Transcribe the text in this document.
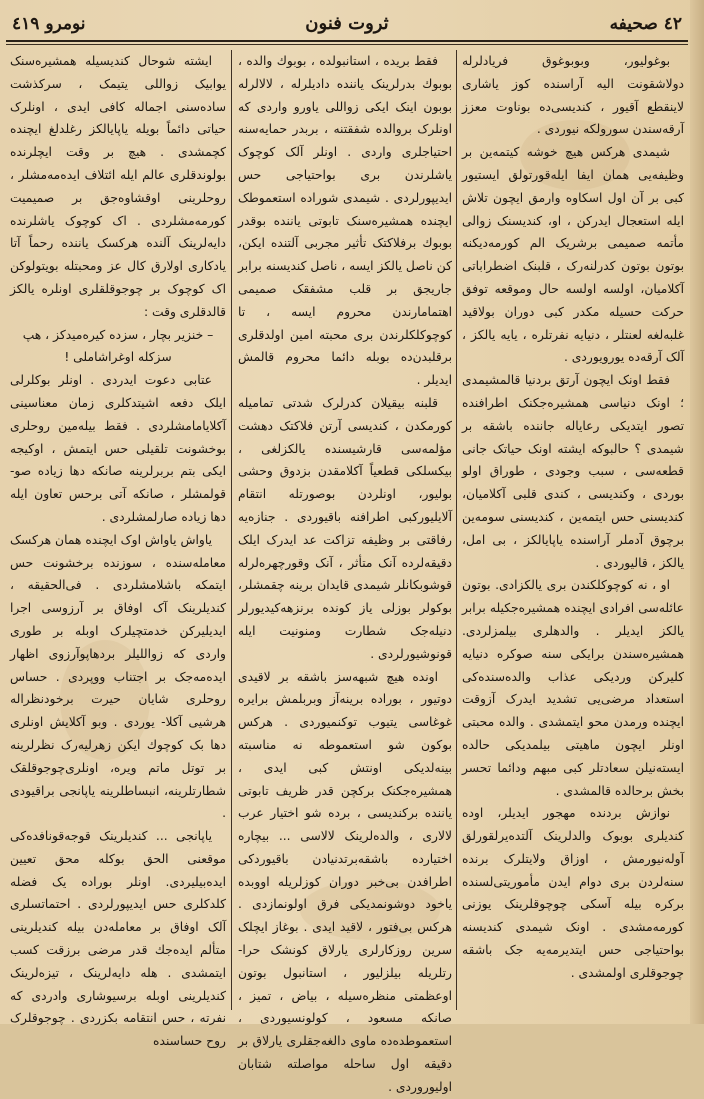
٤٢ صحيفه
ثروت فنون
نومرو ٤١٩

بوغولیور، وبوبوغوق فریادلرله دولاشقونت الیه آراسنده کوز یاشاری لاینقطع آقیور ، کندیسی‌ده بوناوت معزز آرقه‌سندن سورولکه نیوردی .

شیمدی هرکس هیچ خوشه کیتمه‌ین بر وظیفه‌یی همان ایفا ایله‌قورتولق ایستیور کبی بر آن اول اسکاوه وارمق ایچون تلاش ایله استعجال ایدرکن ، او، کندیسنک زوالی مأتمه صمیمی برشریک الم کورمه‌دیکنه بوتون بوتون کدرلنه‌رک ، قلبنک اضطراباتی آکلامیان، اولسه اولسه حال وموقعه توفق حرکت حسیله مکدر کبی دوران بولاقید غلبه‌لغه لعنتلر ، دنیایه نفرتلره ، یایه یالکز ، آلک آرقه‌ده یورویوردی .

فقط اونک ایچون آرتق بردنیا قالمشیمدی ؛ اونک دنیاسی همشیره‌جکنک اطرافنده تصور ایتدیکی رعایاله جاننده باشقه بر شیمدی ؟ حالبوکه ایشته اونک حیاتک جانی قطعه‌سی ، سبب وجودی ، طوراق اولو بوردی ، وکندیسی ، کندی قلبی آکلامیان، کندیسنی حس ایتمه‌ین ، کندیسنی سومه‌ین برچوق آدملر آراسنده یاپایالکز ، بی امل، یالکز ، قالیوردی .

او ، نه کوچوکلکندن بری یالکزادی. بوتون عائله‌سی افرادی ایچنده همشیره‌جکیله برابر یالکز ایدیلر . والدهلری بیلمزلردی. همشیره‌سندن برایکی سنه صوکره دنیایه کلیرکن وردیکی عذاب والده‌سنده‌کی استعداد مرضی‌یی تشدید ایدرک آزوقت ایچنده ورمدن محو ایتمشدی . والده محبتی اونلر ایچون ماهیتی بیلمدیکی حالده ایسته‌نیلن سعادتلر کبی مبهم ودائما تحسر بخش برحالده قالمشدی .

نوازش بردنده مهجور ایدیلر، اوده کندیلری بوبوک والدلرینک آلتده‌یرلقورلق آوله‌نیورمش ، اوزاق ولایتلرک برنده سنه‌لردن بری دوام ایدن مأموریتی‌لسنده برکره بیله آسکی چوچوقلرینک یوزنی کورمه‌مشدی . اونک شیمدی کندیسنه بواحتیاجی حس ایتدیرمه‌یه جک باشقه چوجوقلری اولمشدی .

فقط بریده ، استانبولده ، بوبوك والده ، بوبوك بدرلرینک یاننده دادیلرله ، لالالرله بوبون اینک ایکی زواللی یاورو واردی که اونلرک بروالده شفقتنه ، بربدر حمایه‌سنه احتیاجلری واردی . اونلر آلک کوچوک یاشلرندن بری بواحتیاجی حس ایدیپورلردی . شیمدی شوراده استعموطک ایچنده همشیره‌سنک تابوتی یاننده بوقدر بوبوك برفلاکتک تأثیر مجربی آلتنده ایکن، کن ناصل یالکز ایسه ، ناصل کندیسنه برابر جاریجق بر قلب مشفقک صمیمی اهتمامارندن محروم ایسه ، تا کوچوکلکلرندن بری محبته امین اولدقلری برقلبدن‌ده بوبله دائما محروم قالمش ایدیلر .

قلبنه بیقیلان کدرلرک شدتی تمامیله کورمکدن ، کندیسی آرتن فلاکتک دهشت مؤلمه‌سی قارشیسنده یالکزلغی ، بیکسلکی قطعیاً آکلامقدن بزدوق وحشی بولیور، اونلردن بوصورتله انتقام آلایلیورکبی اطرافنه باقیوردی . جنازه‌یه رفاقتی بر وظیفه تزاکت عد ایدرک ایلک دقیقه‌لرده آنک متأثر ، آنک وقورچهره‌لرله قوشوبکانلر شیمدی قایدان برینه چقمشلر، بوکولر بوزلی یاز کونده برنزهه‌کیدیورلر دنیله‌جک شطارت ومنونیت ایله قونوشیورلردی .

اونده هیچ شبهه‌سز باشقه بر لاقیدی دوتیور ، بوراده برینه‌آز وبربلمش برایره غوغاسی یتیوب توکنمیوردی . هرکس بوکون شو استعموطه نه مناسبته بینه‌لدیکی اونتش کبی ایدی ، همشیره‌جکنک برکچن قدر ظریف تابوتی یاننده برکندیسی ، برده شو اختیار عرب لالاری ، والده‌لرینک لالاسی ... بیچاره اختیارده باشقه‌برتدنیادن باقیوردکی اطرافدن بی‌خبر دوران کوزلریله اووبده یاخود دوشونمدیکی فرق اولونمازدی . هرکس بی‌فتور ، لاقید ایدی . بوغاز ایچلک سرین روزکارلری یارلاق کونشک حرا- رتلریله بیلزلیور ، استانبول بوتون اوعظمتی منظره‌سیله ، بیاض ، تمیز ، صانکه مسعود ، کولونسیوردی ، استعموطده‌ده ماوی دالغه‌جقلری یارلاق بر دقیقه اول ساحله مواصلته شتابان اولیوروردی .

ایشته شوحال کندیسیله همشیره‌سنک یوابیک زواللی یتیمک ، سرکذشت ساده‌سنی اجماله کافی ایدی ، اونلرک حیاتی دائماً بویله یاپایالکز رغلدلغ ایچنده کچمشدی . هیچ بر وقت ایچلرنده بولوندقلری عالم ایله ائتلاف ایده‌مه‌مشلر ، روحلرینی اوقشاوه‌جق بر صمیمیت کورمه‌مشلردی . اک کوچوک یاشلرنده دایه‌لرینک آلنده هرکسک یاننده رحماً آتا یادکاری اولارق کال عز ومحبتله بویتولوکن اک کوچوک بر چوجوقلقلری اونلره یالکز قالدقلری وقت :

– خنزیر بچار ، سزده کیره‌میدکز ، هپ سزکله اوغراشاملی !

عتابی دعوت ایدردی . اونلر بوکلرلی ایلک دفعه اشیتدکلری زمان معناسینی آکلایامامشلردی . فقط بیله‌مین روحلری بوخشونت تلقیلی حس ایتمش ، اوکیجه ایکی بتم بربرلرینه صانکه دها زیاده صو- قولمشلر ، صانکه آتی برحس تعاون ایله دها زیاده صارلمشلردی .

یاواش یاواش اوک ایچنده همان هرکسک معامله‌سنده ، سوزنده برخشونت حس ایتمکه باشلامشلردی . فی‌الحقیقه ، کندیلرینک آک اوفاق بر آرزوسی اجرا ایدیلیرکن خدمتچیلرک اوبله بر طوری واردی که زواللیلر بردهاپوآرزوی اظهار ایده‌مه‌جک بر اجتناب ووپردی . حساس روحلری شایان حیرت برخودنظراله هرشیی آکلا- یوردی . وبو آکلایش اونلری دها بک کوچوك ایکن زهرلیه‌رک نظرلرینه بر توتل ماتم ویره‌، اونلری‌چوجوقلقک شطارتلرینه، انبساطلرینه یاپانجی براقیودی .

یاپانجی ... کندیلرینک قوجه‌قونافده‌کی موقعنی الحق بوکله محق تعیین ایده‌بیلیردی. اونلر بوراده یک فضله کلدکلری حس ایدیپورلردی . احتماتسلری آلک اوفاق بر معامله‌دن بیله کندیلرینی متألم ایده‌جك قدر مرضی برزقت کسب ایتمشدی . هله دایه‌لرینک ، تیزه‌لرینک کندیلرینی اوبله برسیوشاری وادردی که نفرته ، حس انتقامه بکزردی . چوجوقلرک روح حساسنده
